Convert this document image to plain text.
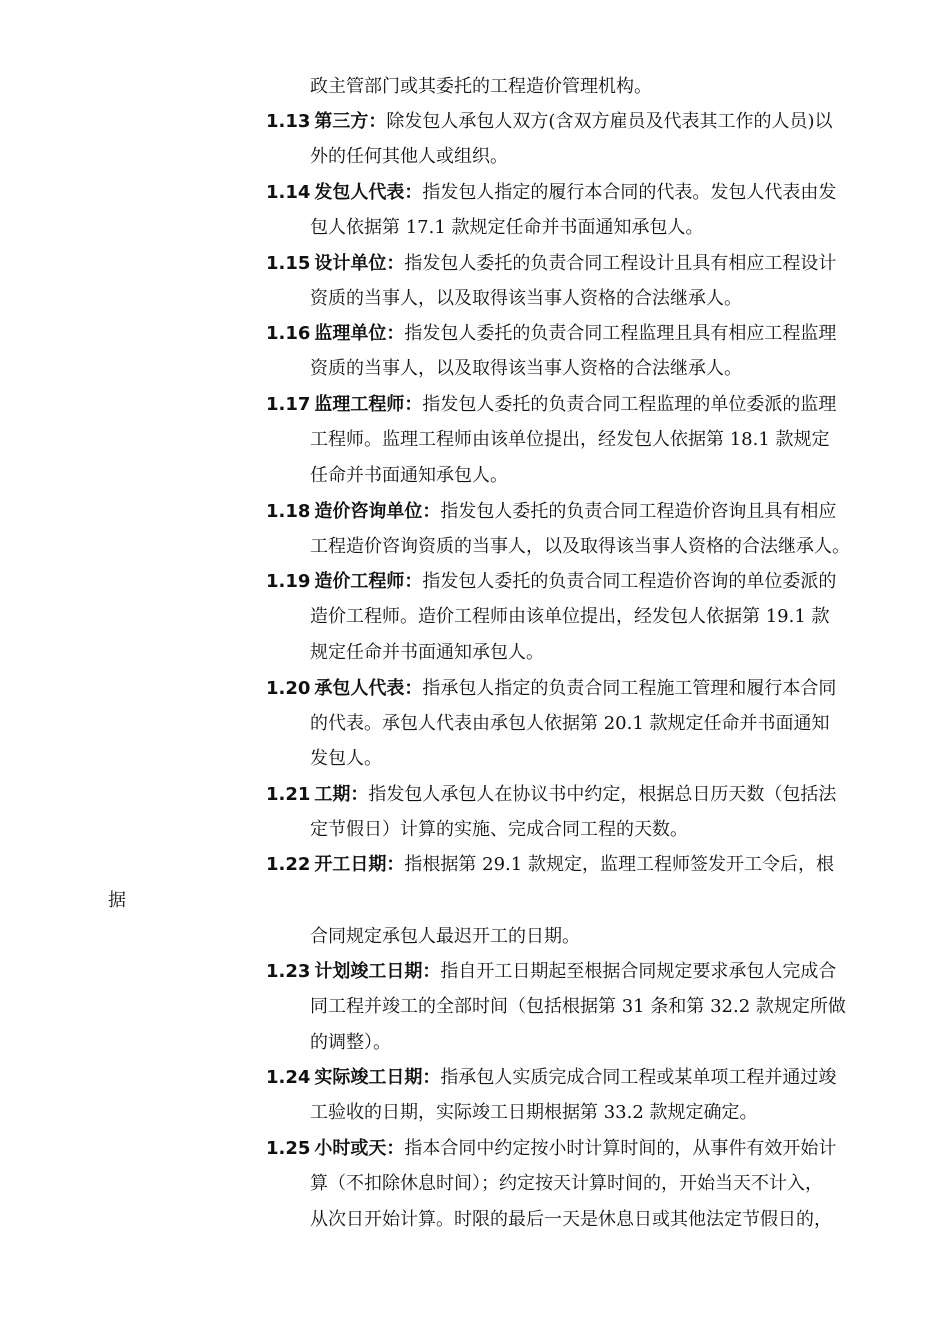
政主管部门或其委托的工程造价管理机构。
1.13 第三方：除发包人承包人双方(含双方雇员及代表其工作的人员)以
外的任何其他人或组织。
1.14 发包人代表：指发包人指定的履行本合同的代表。发包人代表由发
包人依据第 17.1 款规定任命并书面通知承包人。
1.15 设计单位：指发包人委托的负责合同工程设计且具有相应工程设计
资质的当事人，以及取得该当事人资格的合法继承人。
1.16 监理单位：指发包人委托的负责合同工程监理且具有相应工程监理
资质的当事人，以及取得该当事人资格的合法继承人。
1.17 监理工程师：指发包人委托的负责合同工程监理的单位委派的监理
工程师。监理工程师由该单位提出，经发包人依据第 18.1 款规定
任命并书面通知承包人。
1.18 造价咨询单位：指发包人委托的负责合同工程造价咨询且具有相应
工程造价咨询资质的当事人，以及取得该当事人资格的合法继承人。
1.19 造价工程师：指发包人委托的负责合同工程造价咨询的单位委派的
造价工程师。造价工程师由该单位提出，经发包人依据第 19.1 款
规定任命并书面通知承包人。
1.20 承包人代表：指承包人指定的负责合同工程施工管理和履行本合同
的代表。承包人代表由承包人依据第 20.1 款规定任命并书面通知
发包人。
1.21 工期：指发包人承包人在协议书中约定，根据总日历天数（包括法
定节假日）计算的实施、完成合同工程的天数。
1.22 开工日期：指根据第 29.1 款规定，监理工程师签发开工令后，根
据
合同规定承包人最迟开工的日期。
1.23 计划竣工日期：指自开工日期起至根据合同规定要求承包人完成合
同工程并竣工的全部时间（包括根据第 31 条和第 32.2 款规定所做
的调整）。
1.24 实际竣工日期：指承包人实质完成合同工程或某单项工程并通过竣
工验收的日期，实际竣工日期根据第 33.2 款规定确定。
1.25 小时或天：指本合同中约定按小时计算时间的，从事件有效开始计
算（不扣除休息时间）；约定按天计算时间的，开始当天不计入，
从次日开始计算。时限的最后一天是休息日或其他法定节假日的，
